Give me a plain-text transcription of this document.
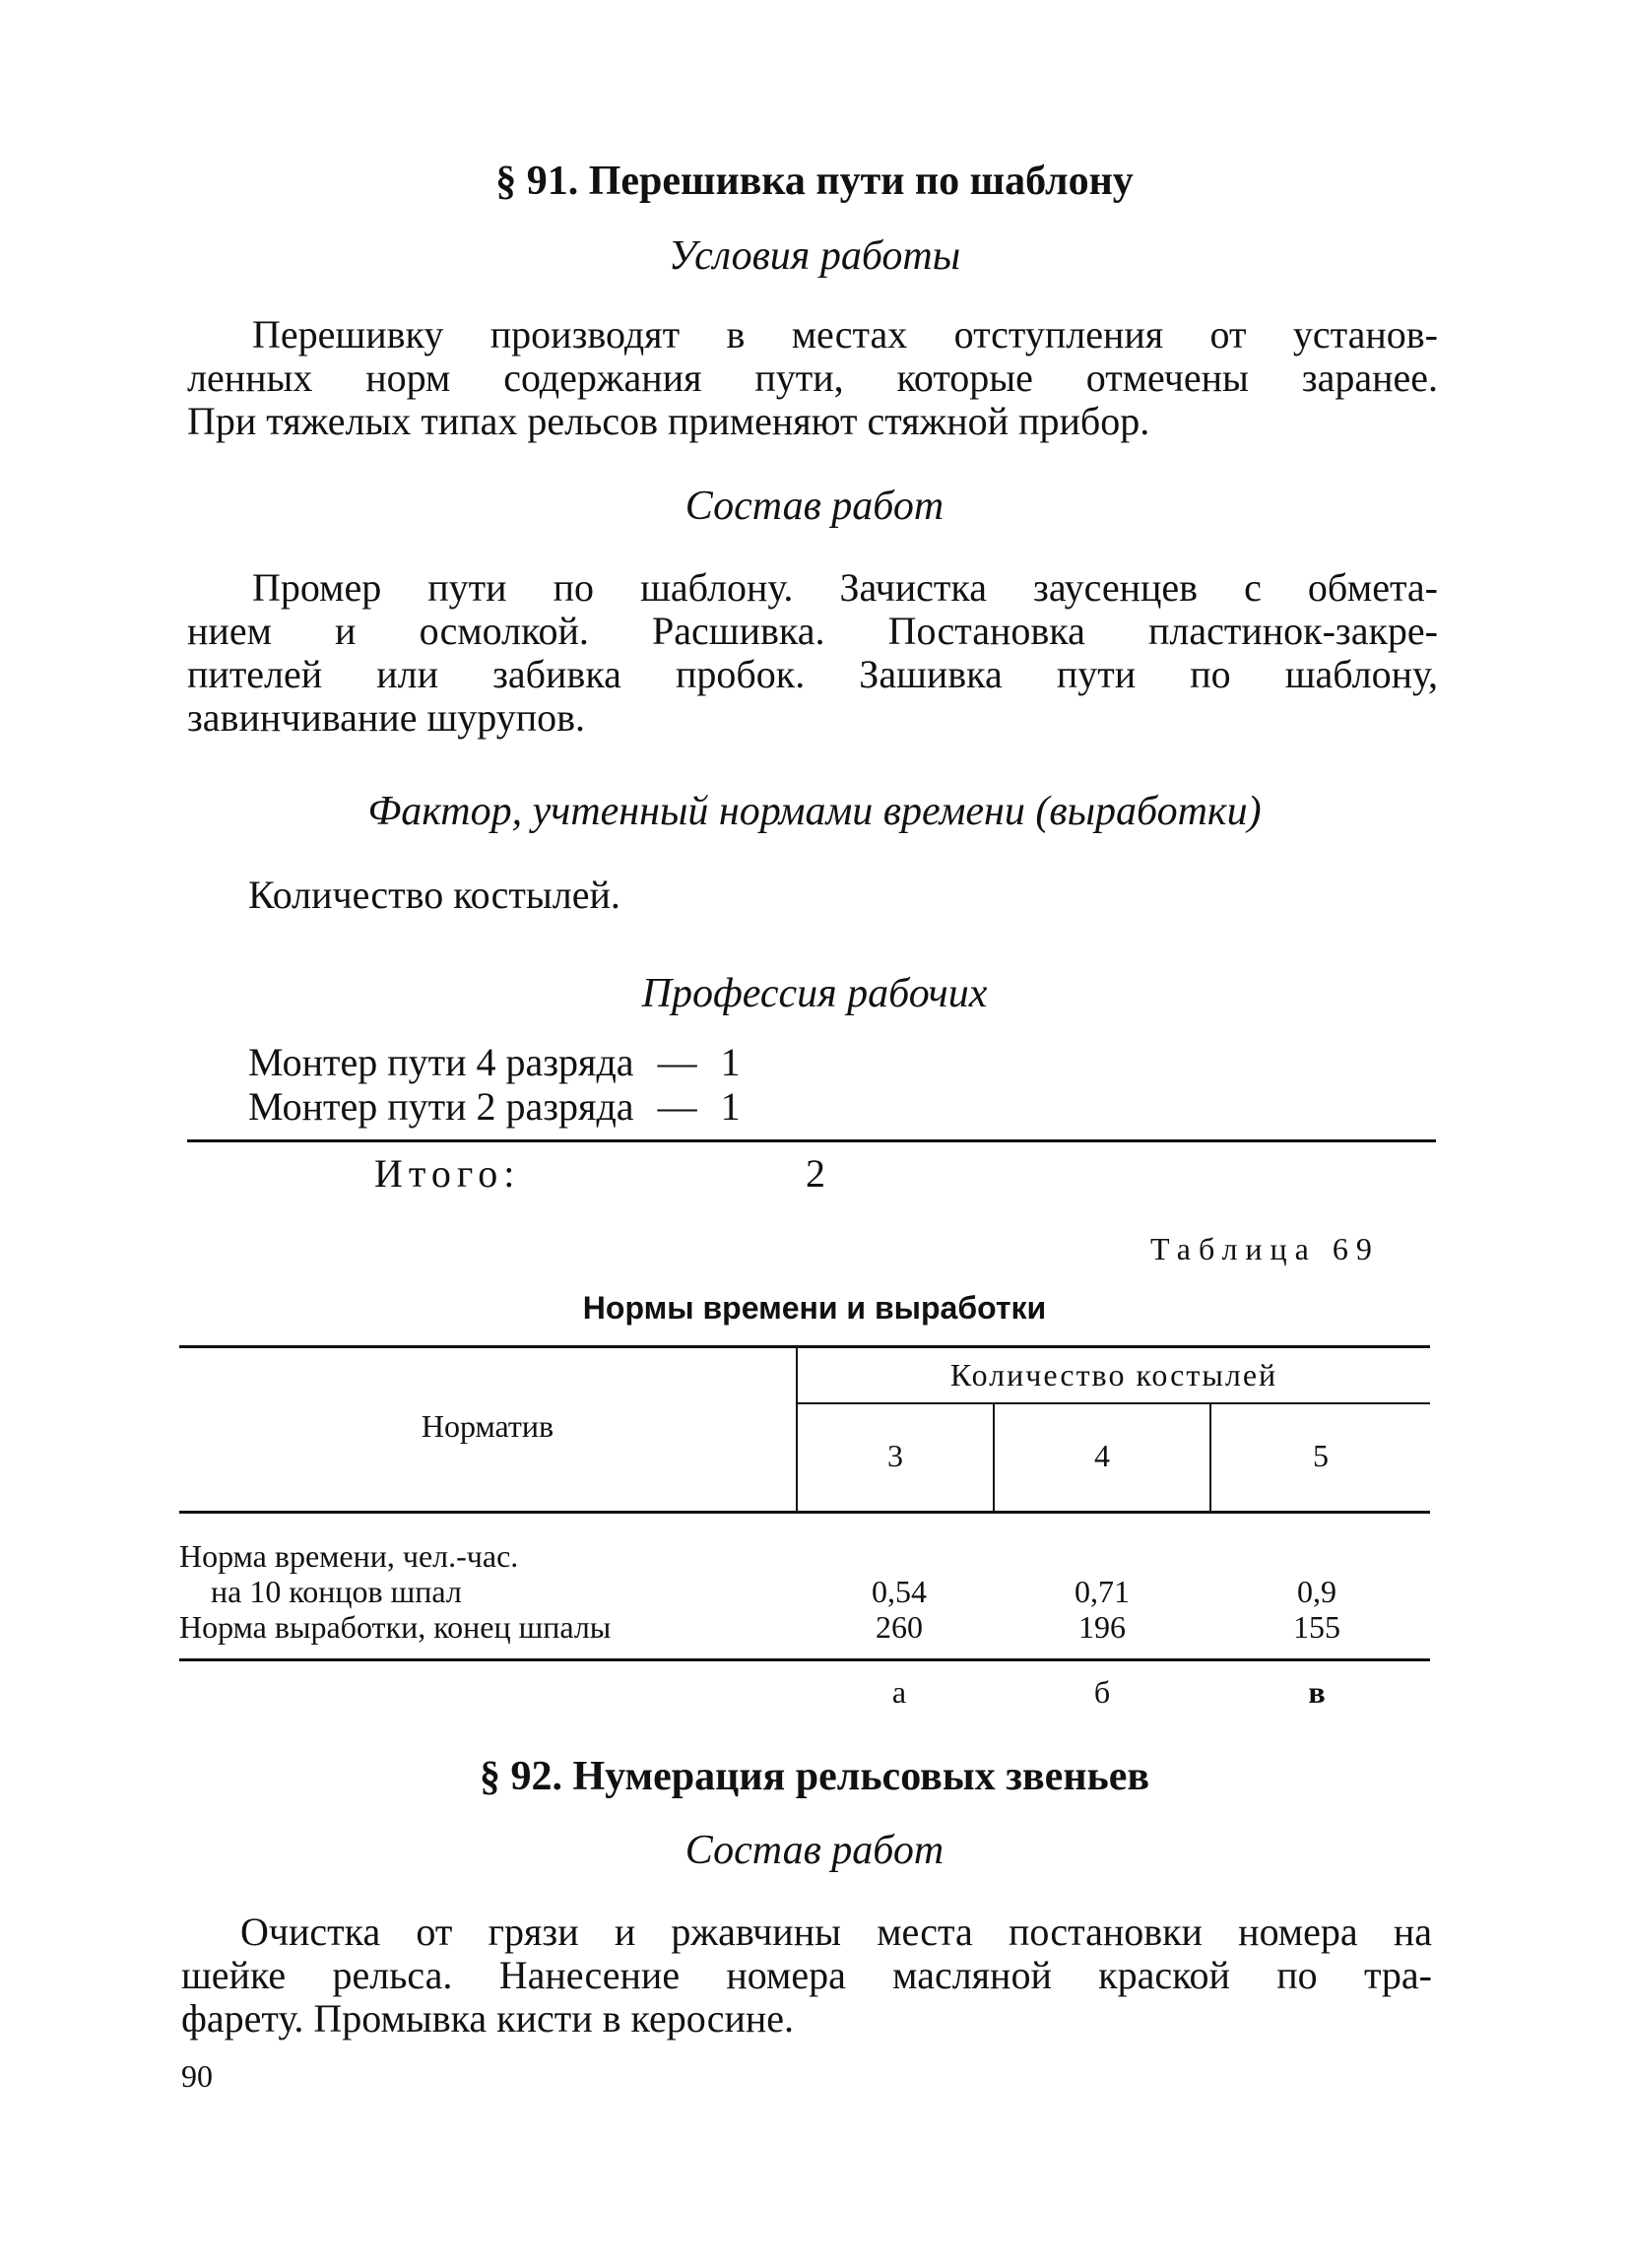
§ 91. Перешивка пути по шаблону
Условия работы
Перешивку производят в местах отступления от установ-
ленных норм содержания пути, которые отмечены заранее.
При тяжелых типах рельсов применяют стяжной прибор.
Состав работ
Промер пути по шаблону. Зачистка заусенцев с обмета-
нием и осмолкой. Расшивка. Постановка пластинок-закре-
пителей или забивка пробок. Зашивка пути по шаблону,
завинчивание шурупов.
Фактор, учтенный нормами времени (выработки)
Количество костылей.
Профессия рабочих
Монтер пути 4 разряда — 1
Монтер пути 2 разряда — 1
Итого:	2
Таблица 69
Нормы времени и выработки
Норматив
Количество костылей
3	4	5
Норма времени, чел.-час.
на 10 концов шпал	0,54	0,71	0,9
Норма выработки, конец шпалы	260	196	155
а	б	в
§ 92. Нумерация рельсовых звеньев
Состав работ
Очистка от грязи и ржавчины места постановки номера на
шейке рельса. Нанесение номера масляной краской по тра-
фарету. Промывка кисти в керосине.
90
